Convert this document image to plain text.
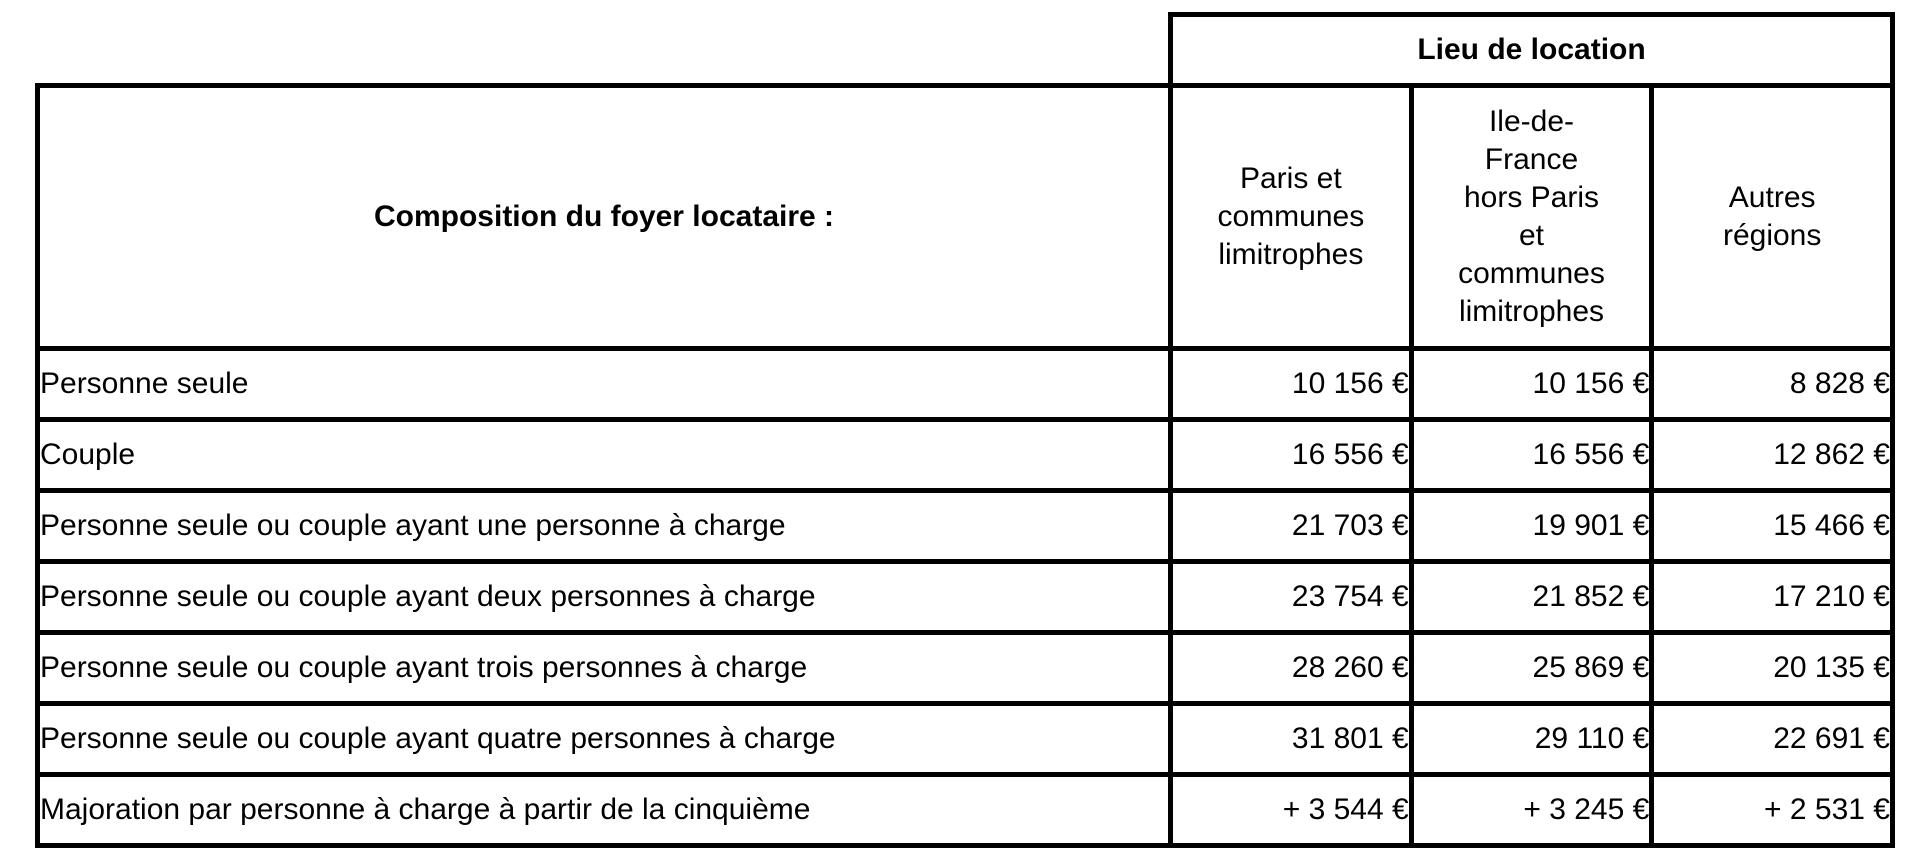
	Lieu de location		
Composition du foyer locataire :	Paris et communes limitrophes	Ile-de-France hors Paris et communes limitrophes	Autres régions
Personne seule	10 156 €	10 156 €	8 828 €
Couple	16 556 €	16 556 €	12 862 €
Personne seule ou couple ayant une personne à charge	21 703 €	19 901 €	15 466 €
Personne seule ou couple ayant deux personnes à charge	23 754 €	21 852 €	17 210 €
Personne seule ou couple ayant trois personnes à charge	28 260 €	25 869 €	20 135 €
Personne seule ou couple ayant quatre personnes à charge	31 801 €	29 110 €	22 691 €
Majoration par personne à charge à partir de la cinquième	+ 3 544 €	+ 3 245 €	+ 2 531 €
